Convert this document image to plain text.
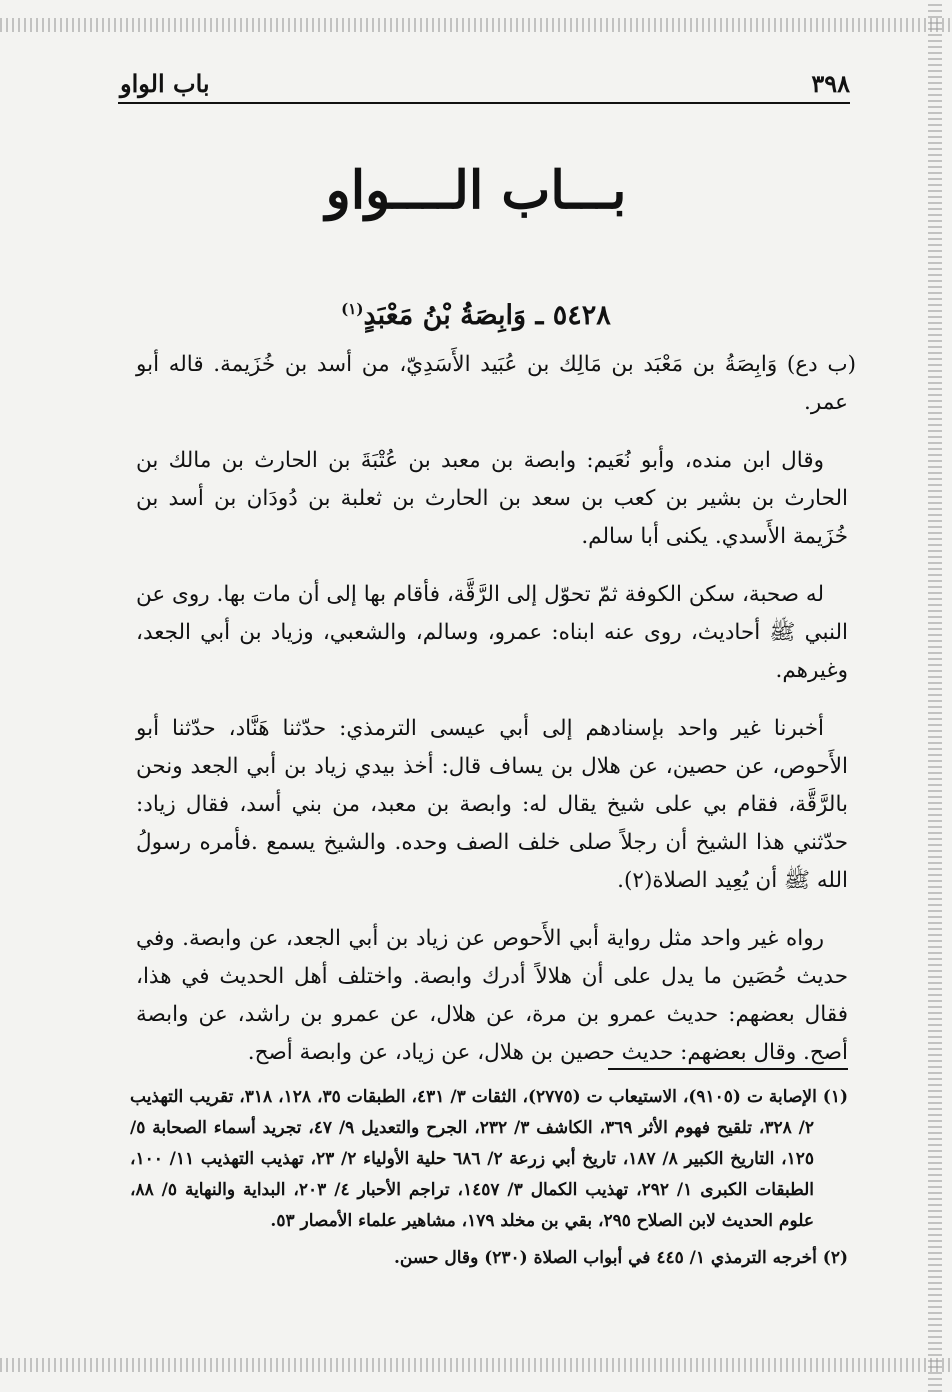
٣٩٨
باب الواو
بـــاب الــــواو
٥٤٢٨ ـ وَابِصَةُ بْنُ مَعْبَدٍ$^{(١)}$

(ب دع) وَابِصَةُ بن مَعْبَد بن مَالِك بن عُبَيد الأَسَدِيّ، من أسد بن خُزَيمة. قاله أبو عمر.

وقال ابن منده، وأبو نُعَيم: وابصة بن معبد بن عُتْبَةَ بن الحارث بن مالك بن الحارث بن بشير بن كعب بن سعد بن الحارث بن ثعلبة بن دُودَان بن أسد بن خُزَيمة الأَسدي. يكنى أبا سالم.

له صحبة، سكن الكوفة ثمّ تحوّل إلى الرَّقَّة، فأقام بها إلى أن مات بها. روى عن النبي ﷺ أحاديث، روى عنه ابناه: عمرو، وسالم، والشعبي، وزياد بن أبي الجعد، وغيرهم.

أخبرنا غير واحد بإسنادهم إلى أبي عيسى الترمذي: حدّثنا هَنَّاد، حدّثنا أبو الأَحوص، عن حصين، عن هلال بن يساف قال: أخذ بيدي زياد بن أبي الجعد ونحن بالرَّقَّة، فقام بي على شيخ يقال له: وابصة بن معبد، من بني أسد، فقال زياد: حدّثني هذا الشيخ أن رجلاً صلى خلف الصف وحده. والشيخ يسمع .فأمره رسولُ الله ﷺ أن يُعِيد الصلاة(٢).

رواه غير واحد مثل رواية أبي الأَحوص عن زياد بن أبي الجعد، عن وابصة. وفي حديث حُصَين ما يدل على أن هلالاً أدرك وابصة. واختلف أهل الحديث في هذا، فقال بعضهم: حديث عمرو بن مرة، عن هلال، عن عمرو بن راشد، عن وابصة أصح. وقال بعضهم: حديث حصين بن هلال، عن زياد، عن وابصة أصح.

(١) الإصابة ت (٩١٠٥)، الاستيعاب ت (٢٧٧٥)، الثقات ٣/ ٤٣١، الطبقات ٣٥، ١٢٨، ٣١٨، تقريب التهذيب ٢/ ٣٢٨، تلقيح فهوم الأثر ٣٦٩، الكاشف ٣/ ٢٣٢، الجرح والتعديل ٩/ ٤٧، تجريد أسماء الصحابة ٥/ ١٢٥، التاريخ الكبير ٨/ ١٨٧، تاريخ أبي زرعة ٢/ ٦٨٦ حلية الأولياء ٢/ ٢٣، تهذيب التهذيب ١١/ ١٠٠، الطبقات الكبرى ١/ ٢٩٢، تهذيب الكمال ٣/ ١٤٥٧، تراجم الأحبار ٤/ ٢٠٣، البداية والنهاية ٥/ ٨٨، علوم الحديث لابن الصلاح ٢٩٥، بقي بن مخلد ١٧٩، مشاهير علماء الأمصار ٥٣.

(٢) أخرجه الترمذي ١/ ٤٤٥ في أبواب الصلاة (٢٣٠) وقال حسن.
